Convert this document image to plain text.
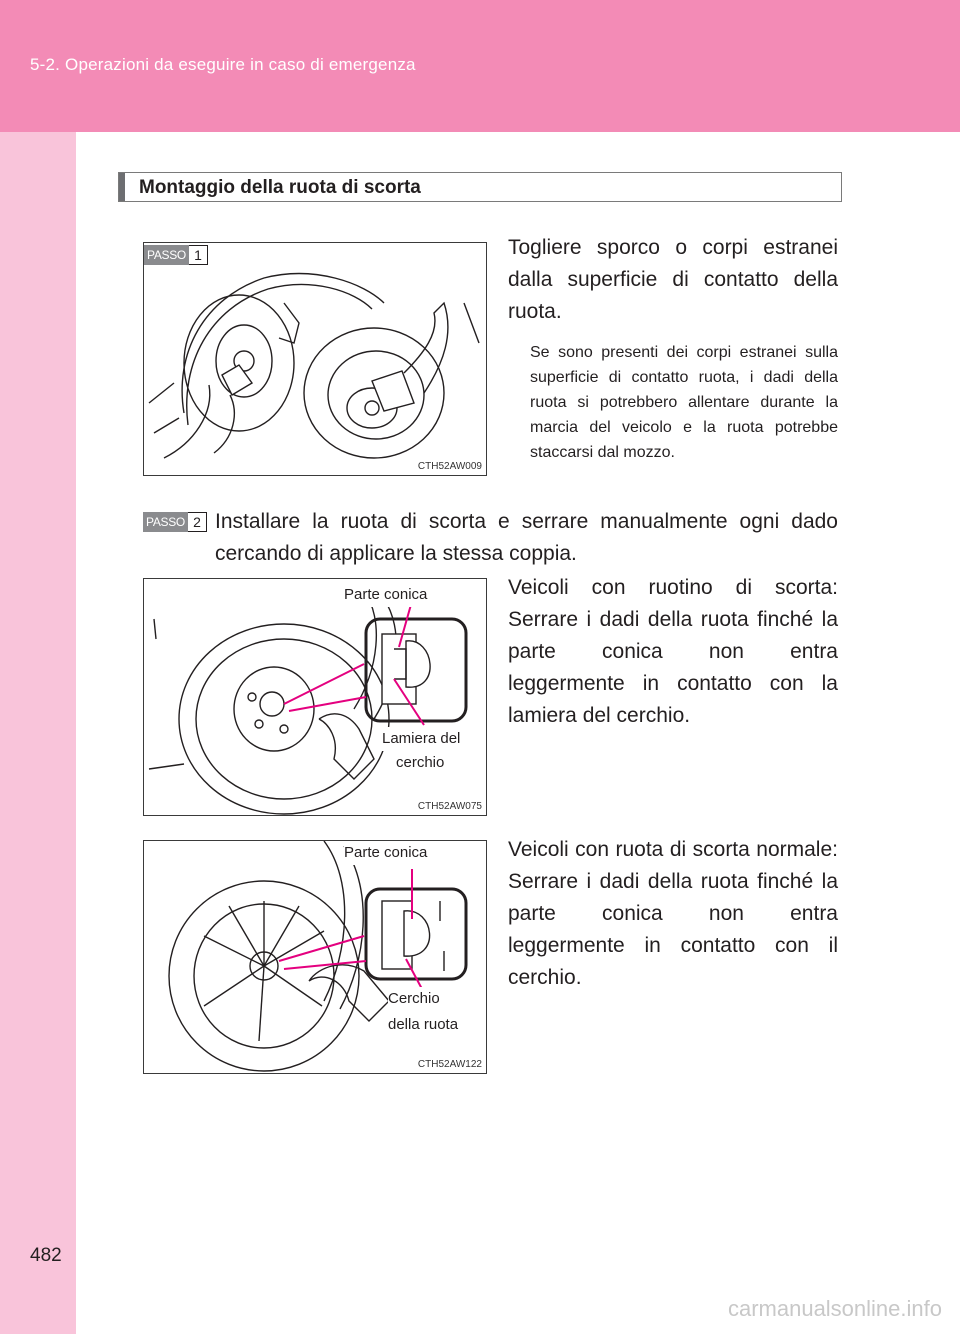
5-2. Operazioni da eseguire in caso di emergenza
Montaggio della ruota di scorta
PASSO 1
CTH52AW009
Togliere sporco o corpi estranei dalla superficie di contatto della ruota.
Se sono presenti dei corpi estranei sulla superficie di contatto ruota, i dadi della ruota si potrebbero allentare durante la marcia del veicolo e la ruota potrebbe staccarsi dal mozzo.
PASSO 2 Installare la ruota di scorta e serrare manualmente ogni dado cercando di applicare la stessa coppia.
Parte conica
Lamiera del
cerchio
CTH52AW075
Veicoli con ruotino di scorta: Serrare i dadi della ruota finché la parte conica non entra leggermente in contatto con la lamiera del cerchio.
Parte conica
Cerchio
della ruota
CTH52AW122
Veicoli con ruota di scorta normale: Serrare i dadi della ruota finché la parte conica non entra leggermente in contatto con il cerchio.
482
carmanualsonline.info
